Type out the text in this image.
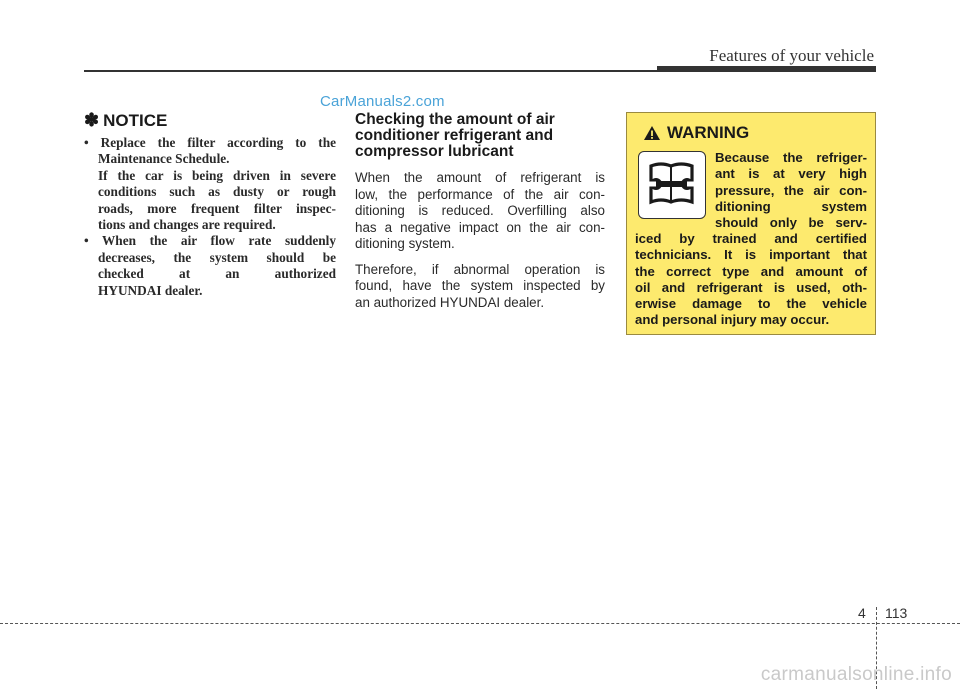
Features of your vehicle
CarManuals2.com
✽ NOTICE
• Replace the filter according to the
Maintenance Schedule.
If the car is being driven in severe
conditions such as dusty or rough
roads, more frequent filter inspec-
tions and changes are required.
• When the air flow rate suddenly
decreases, the system should be
checked at an authorized
HYUNDAI dealer.
Checking the amount of air conditioner refrigerant and compressor lubricant

When the amount of refrigerant is
low, the performance of the air con-
ditioning is reduced. Overfilling also
has a negative impact on the air con-
ditioning system.

Therefore, if abnormal operation is
found, have the system inspected by
an authorized HYUNDAI dealer.

WARNING
Because the refriger-
ant is at very high
pressure, the air con-
ditioning system
should only be serv-
iced by trained and certified
technicians. It is important that
the correct type and amount of
oil and refrigerant is used, oth-
erwise damage to the vehicle
and personal injury may occur.
4 113
carmanualsonline.info
